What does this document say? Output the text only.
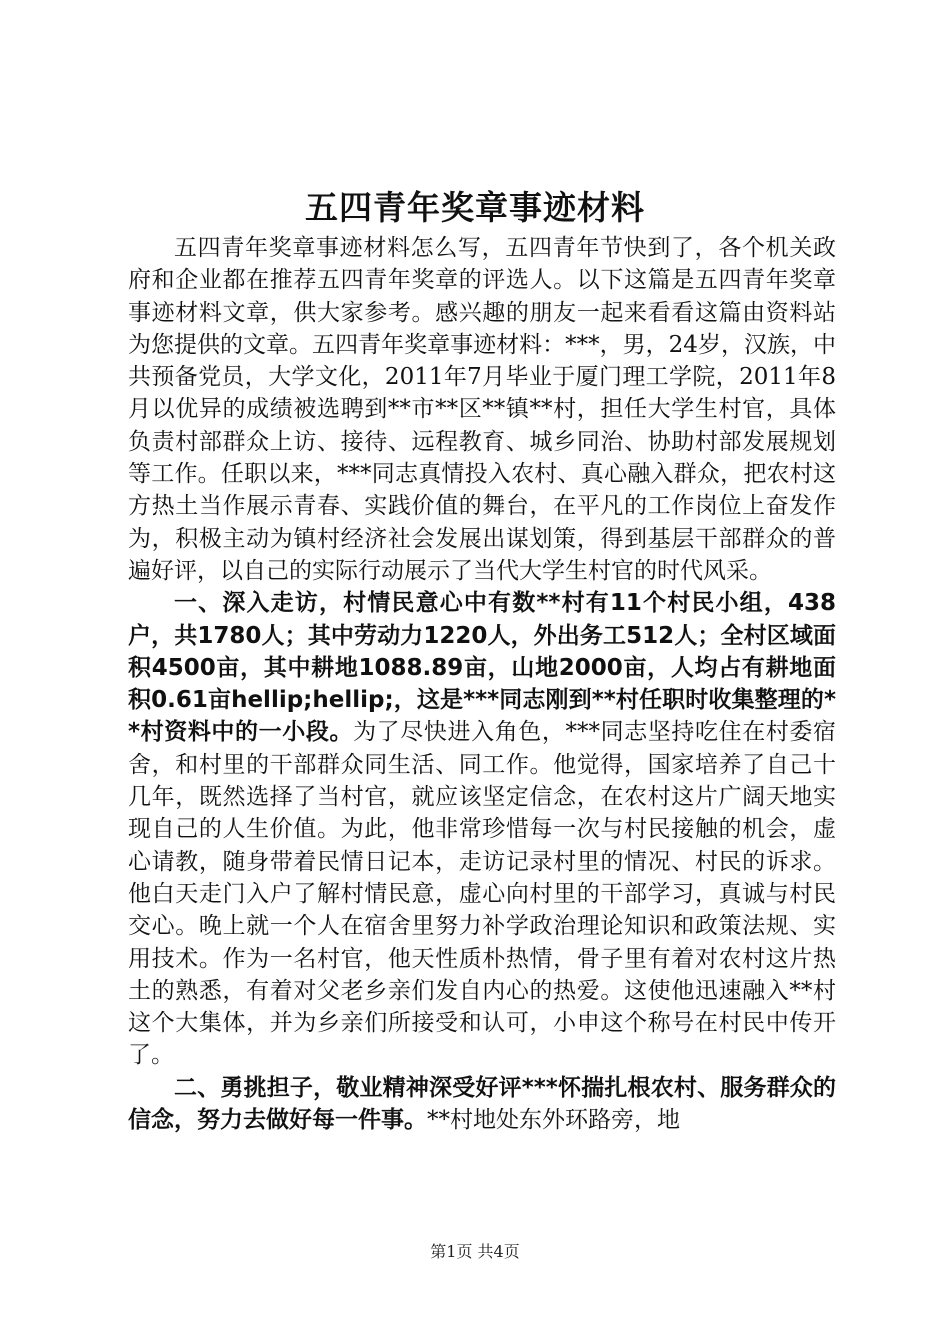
五四青年奖章事迹材料

五四青年奖章事迹材料怎么写，五四青年节快到了，各个机关政府和企业都在推荐五四青年奖章的评选人。以下这篇是五四青年奖章事迹材料文章，供大家参考。感兴趣的朋友一起来看看这篇由资料站为您提供的文章。五四青年奖章事迹材料：***，男，24岁，汉族，中共预备党员，大学文化，2011年7月毕业于厦门理工学院，2011年8月以优异的成绩被选聘到**市**区**镇**村，担任大学生村官，具体负责村部群众上访、接待、远程教育、城乡同治、协助村部发展规划等工作。任职以来，***同志真情投入农村、真心融入群众，把农村这方热土当作展示青春、实践价值的舞台，在平凡的工作岗位上奋发作为，积极主动为镇村经济社会发展出谋划策，得到基层干部群众的普遍好评，以自己的实际行动展示了当代大学生村官的时代风采。

一、深入走访，村情民意心中有数**村有11个村民小组，438户，共1780人；其中劳动力1220人，外出务工512人；全村区域面积4500亩，其中耕地1088.89亩，山地2000亩，人均占有耕地面积0.61亩hellip;hellip;，这是***同志刚到**村任职时收集整理的**村资料中的一小段。为了尽快进入角色，***同志坚持吃住在村委宿舍，和村里的干部群众同生活、同工作。他觉得，国家培养了自己十几年，既然选择了当村官，就应该坚定信念，在农村这片广阔天地实现自己的人生价值。为此，他非常珍惜每一次与村民接触的机会，虚心请教，随身带着民情日记本，走访记录村里的情况、村民的诉求。他白天走门入户了解村情民意，虚心向村里的干部学习，真诚与村民交心。晚上就一个人在宿舍里努力补学政治理论知识和政策法规、实用技术。作为一名村官，他天性质朴热情，骨子里有着对农村这片热土的熟悉，有着对父老乡亲们发自内心的热爱。这使他迅速融入**村这个大集体，并为乡亲们所接受和认可，小申这个称号在村民中传开了。

二、勇挑担子，敬业精神深受好评***怀揣扎根农村、服务群众的信念，努力去做好每一件事。**村地处东外环路旁，地

第1页 共4页
